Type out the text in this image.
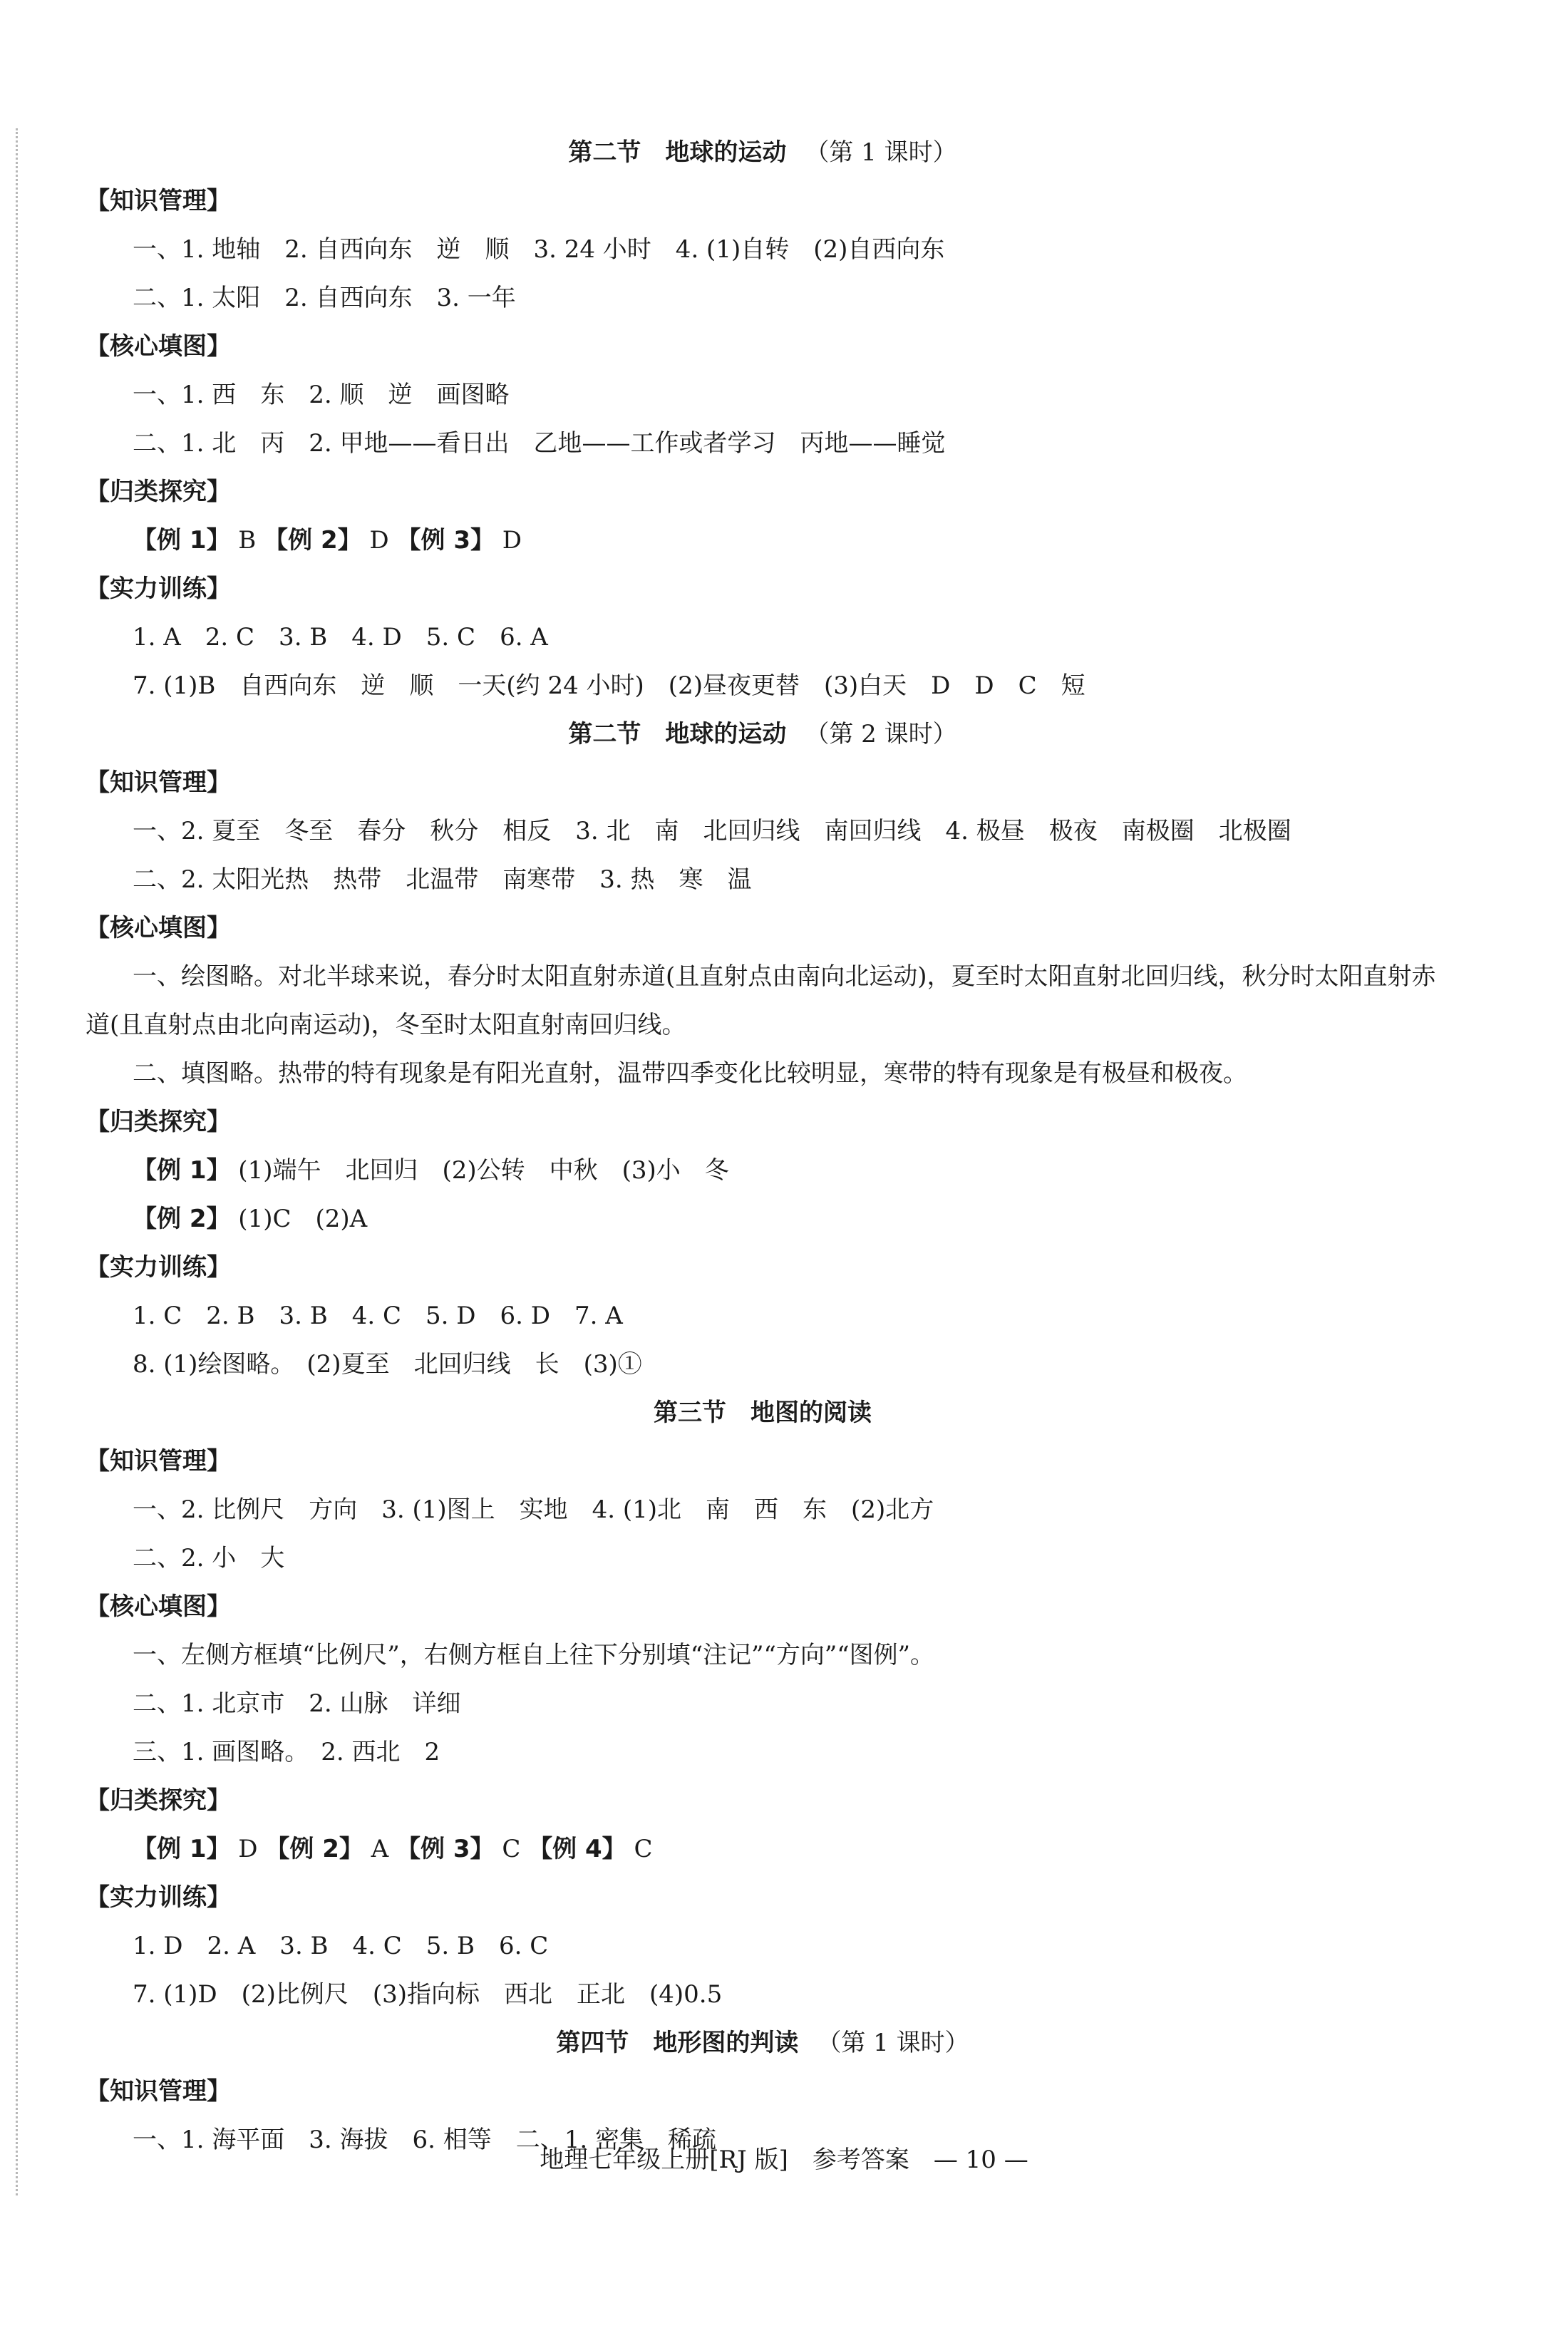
第二节　地球的运动 （第 1 课时）
【知识管理】
一、1. 地轴　2. 自西向东　逆　顺　3. 24 小时　4. (1)自转　(2)自西向东
二、1. 太阳　2. 自西向东　3. 一年
【核心填图】
一、1. 西　东　2. 顺　逆　画图略
二、1. 北　丙　2. 甲地——看日出　乙地——工作或者学习　丙地——睡觉
【归类探究】
【例 1】 B 【例 2】 D 【例 3】 D
【实力训练】
1. A　2. C　3. B　4. D　5. C　6. A
7. (1)B　自西向东　逆　顺　一天(约 24 小时)　(2)昼夜更替　(3)白天　D　D　C　短
第二节　地球的运动 （第 2 课时）
【知识管理】
一、2. 夏至　冬至　春分　秋分　相反　3. 北　南　北回归线　南回归线　4. 极昼　极夜　南极圈　北极圈
二、2. 太阳光热　热带　北温带　南寒带　3. 热　寒　温
【核心填图】
一、绘图略。对北半球来说，春分时太阳直射赤道(且直射点由南向北运动)，夏至时太阳直射北回归线，秋分时太阳直射赤道(且直射点由北向南运动)，冬至时太阳直射南回归线。
二、填图略。热带的特有现象是有阳光直射，温带四季变化比较明显，寒带的特有现象是有极昼和极夜。
【归类探究】
【例 1】 (1)端午　北回归　(2)公转　中秋　(3)小　冬
【例 2】 (1)C　(2)A
【实力训练】
1. C　2. B　3. B　4. C　5. D　6. D　7. A
8. (1)绘图略。　(2)夏至　北回归线　长　(3)①
第三节　地图的阅读
【知识管理】
一、2. 比例尺　方向　3. (1)图上　实地　4. (1)北　南　西　东　(2)北方
二、2. 小　大
【核心填图】
一、左侧方框填“比例尺”，右侧方框自上往下分别填“注记”“方向”“图例”。
二、1. 北京市　2. 山脉　详细
三、1. 画图略。　2. 西北　2
【归类探究】
【例 1】 D 【例 2】 A 【例 3】 C 【例 4】 C
【实力训练】
1. D　2. A　3. B　4. C　5. B　6. C
7. (1)D　(2)比例尺　(3)指向标　西北　正北　(4)0.5
第四节　地形图的判读 （第 1 课时）
【知识管理】
一、1. 海平面　3. 海拔　6. 相等　二、1. 密集　稀疏
地理七年级上册[RJ 版]　参考答案　— 10 —
